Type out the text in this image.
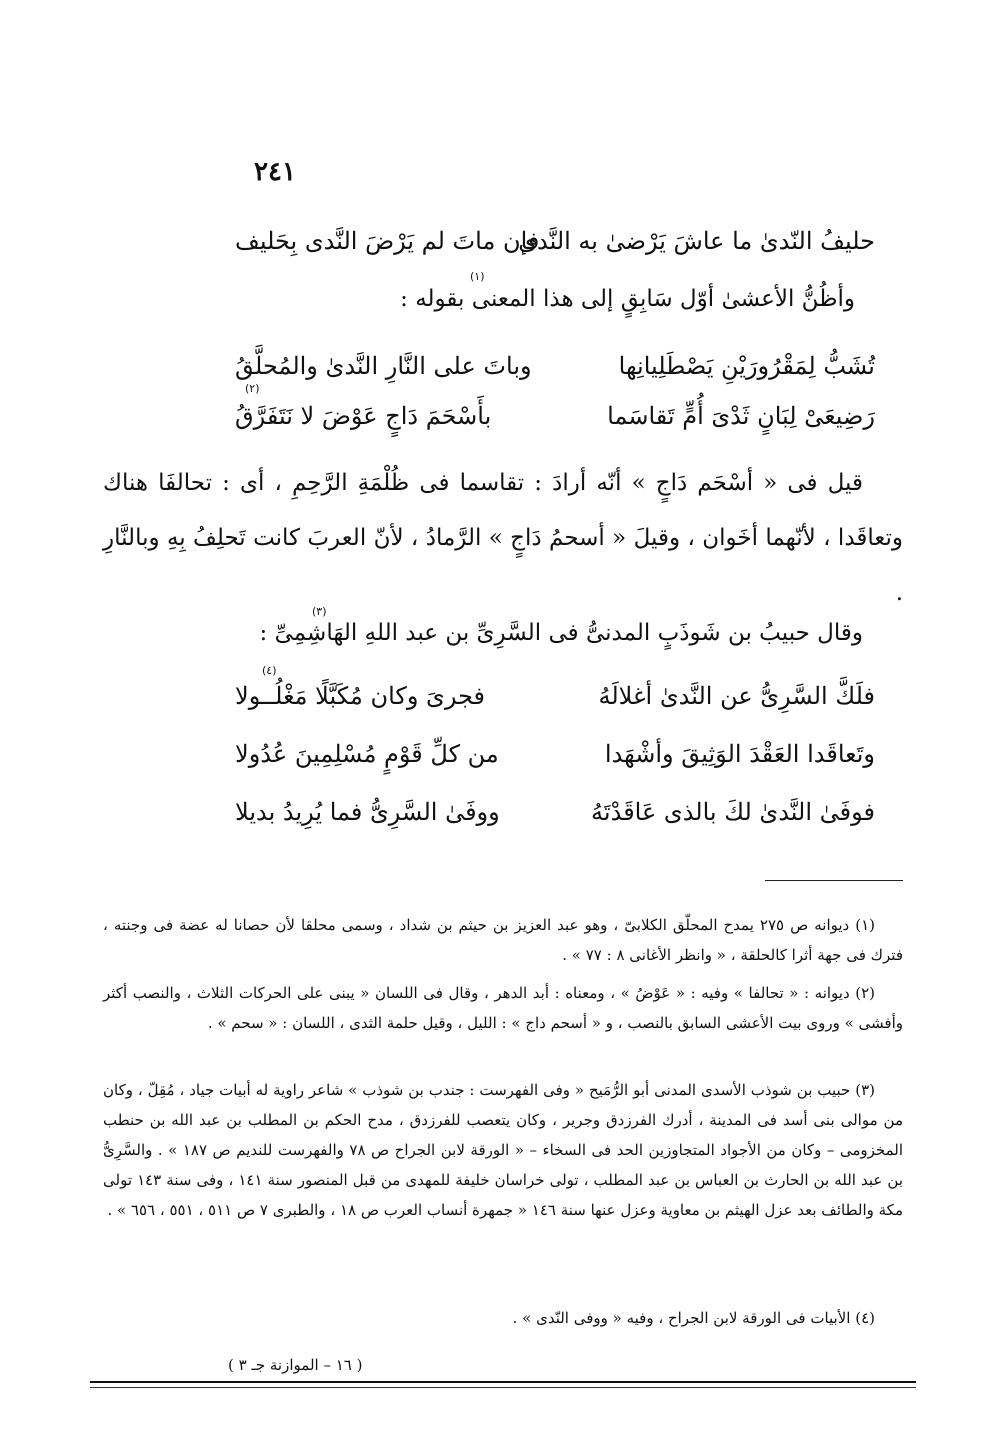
٢٤١
حليفُ النّدىٰ ما عاشَ يَرْضىٰ به النَّدىٰ
فإن ماتَ لم يَرْضَ النَّدى بِحَليف
(١)
وأظُنُّ الأعشىٰ أوّل سَابِقٍ إلى هذا المعنى بقوله :
تُشَبُّ لِمَقْرُورَيْنِ يَصْطَلِيانِها
وباتَ على النَّارِ النَّدىٰ والمُحلَّقُ
(٢)
رَضِيعَىْ لِبَانٍ ثَدْىَ أُمٍّ تَقاسَما
بأَسْحَمَ دَاجٍ عَوْضَ لا نَتَفَرَّقُ
قيل فى « أسْحَم دَاجٍ » أنّه أرادَ : تقاسما فى ظُلْمَةِ الرَّحِمِ ، أى : تحالفَا هناك وتعاقَدا ، لأنّهما أخَوان ، وقيلَ « أسحمُ دَاجٍ » الرَّمادُ ، لأنّ العربَ كانت تَحلِفُ بِهِ وبالنَّارِ .
(٣)
وقال حبيبُ بن شَوذَبٍ المدنىُّ فى السَّرِىِّ بن عبد اللهِ الهَاشِمِىِّ :
(٤)
فلَكَّ السَّرِىُّ عن النَّدىٰ أغلالَهُ
فجرىَ وكان مُكَبَّلًا مَغْلُــولا
وتَعاقَدا العَقْدَ الوَثِيقَ وأشْهَدا
من كلِّ قَوْمٍ مُسْلِمِينَ عُدُولا
فوفَىٰ النَّدىٰ لكَ بالذى عَاقَدْتَهُ
ووفَىٰ السَّرِىُّ فما يُرِيدُ بديلا
(١) ديوانه ص ٢٧٥ يمدح المحلّق الكلابىّ ، وهو عبد العزيز بن حيثم بن شداد ، وسمى محلقا لأن حصانا له عضة فى وجنته ، فترك فى جهة أثرا كالحلقة ، « وانظر الأغانى ٨ : ٧٧ » .
(٢) ديوانه : « تحالفا » وفيه : « عَوْضُ » ، ومعناه : أبد الدهر ، وقال فى اللسان « يبنى على الحركات الثلاث ، والنصب أكثر وأفشى » وروى بيت الأعشى السابق بالنصب ، و « أسحم داج » : الليل ، وقيل حلمة الثدى ، اللسان : « سحم » .
(٣) حبيب بن شوذب الأسدى المدنى أبو الرُّمَيح « وفى الفهرست : جندب بن شوذب » شاعر راوية له أبيات جياد ، مُقِلّ ، وكان من موالى بنى أسد فى المدينة ، أدرك الفرزدق وجرير ، وكان يتعصب للفرزدق ، مدح الحكم بن المطلب بن عبد الله بن حنطب المخزومى – وكان من الأجواد المتجاوزين الحد فى السخاء – « الورقة لابن الجراح ص ٧٨ والفهرست للنديم ص ١٨٧ » . والسَّرِىُّ بن عبد الله بن الحارث بن العباس بن عبد المطلب ، تولى خراسان خليفة للمهدى من قبل المنصور سنة ١٤١ ، وفى سنة ١٤٣ تولى مكة والطائف بعد عزل الهيثم بن معاوية وعزل عنها سنة ١٤٦ « جمهرة أنساب العرب ص ١٨ ، والطبرى ٧ ص ٥١١ ، ٥٥١ ، ٦٥٦ » .
(٤) الأبيات فى الورقة لابن الجراح ، وفيه « ووفى النّدى » .
( ١٦ – الموازنة جـ ٣ )
